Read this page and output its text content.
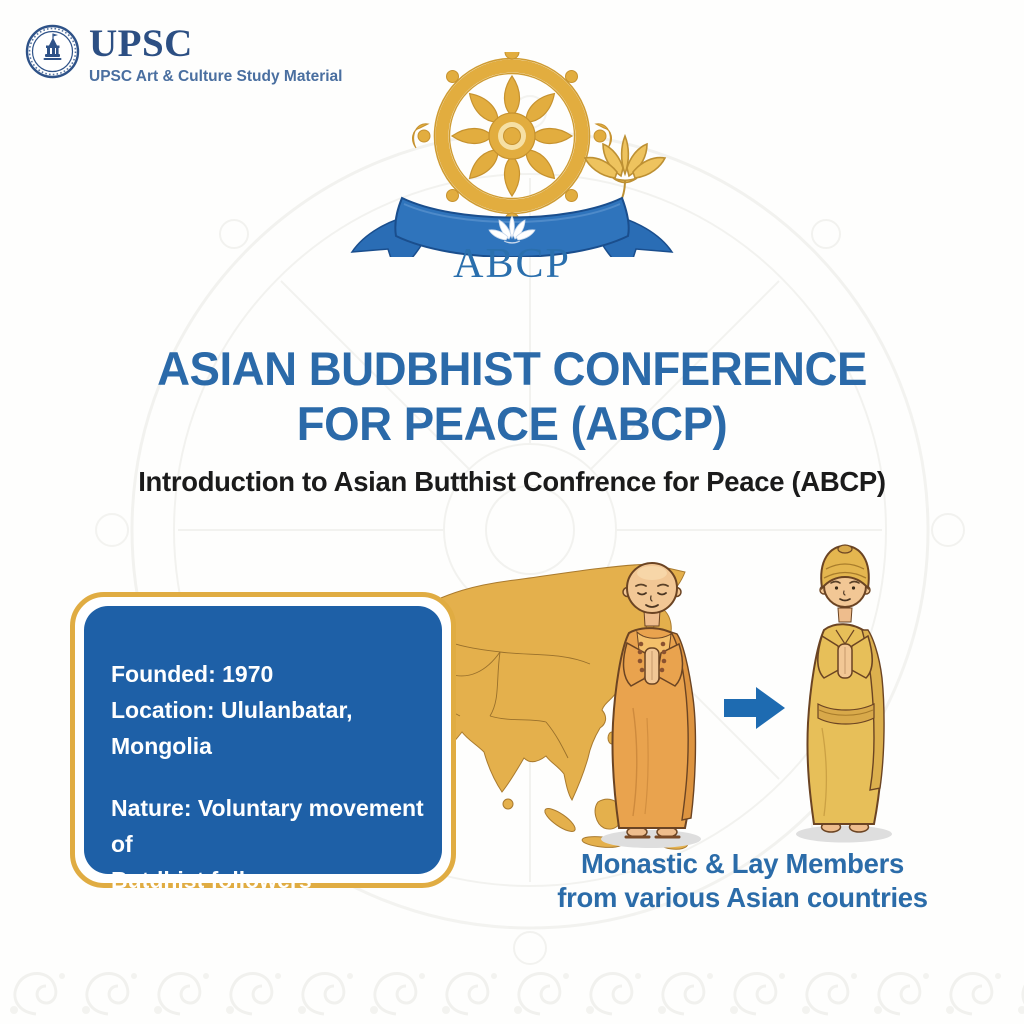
UPSC
UPSC Art & Culture Study Material
ABCP
ASIAN BUDBHIST CONFERENCE
FOR PEACE (ABCP)
Introduction to Asian Butthist Confrence for Peace (ABCP)
Founded: 1970
Location: Ululanbatar, Mongolia
Nature: Voluntary movement of
Butdhist followers
Monastic & Lay Members
from various Asian countries
